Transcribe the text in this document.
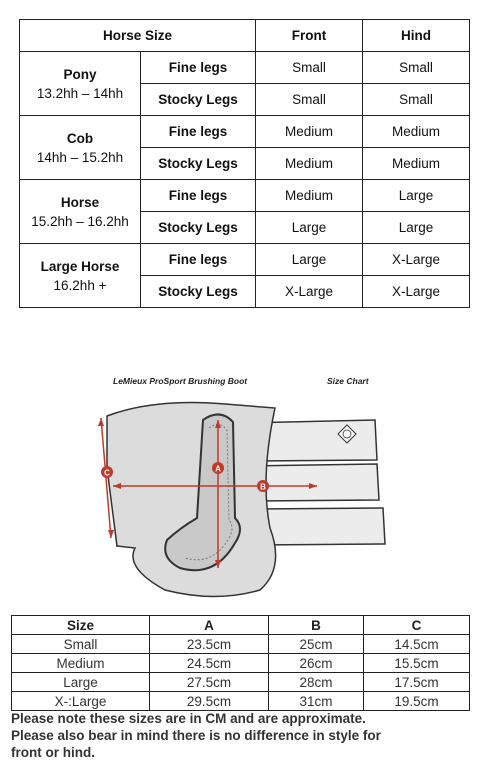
Horse Size		Front	Hind

Pony
13.2hh – 14hh	Fine legs	Small	Small
	Stocky Legs	Small	Small

Cob
14hh – 15.2hh	Fine legs	Medium	Medium
	Stocky Legs	Medium	Medium

Horse
15.2hh – 16.2hh	Fine legs	Medium	Large
	Stocky Legs	Large	Large

Large Horse
16.2hh +	Fine legs	Large	X-Large
	Stocky Legs	X-Large	X-Large
LeMieux ProSport Brushing Boot	Size Chart
C	A
B
Size	A	B	C
Small	23.5cm	25cm	14.5cm
Medium	24.5cm	26cm	15.5cm
Large	27.5cm	28cm	17.5cm
X-:Large	29.5cm	31cm	19.5cm

Please note these sizes are in CM and are approximate.
Please also bear in mind there is no difference in style for
front or hind.
